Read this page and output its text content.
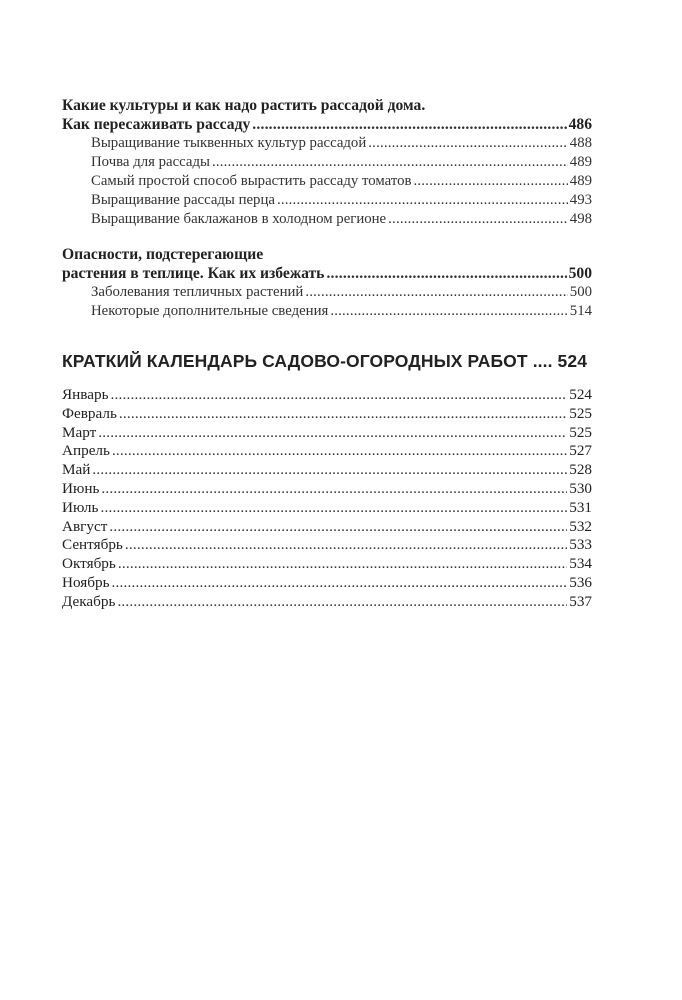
Какие культуры и как надо растить рассадой дома.
Как пересаживать рассаду .....	486
Выращивание тыквенных культур рассадой .....	488
Почва для рассады .....	489
Самый простой способ вырастить рассаду томатов .....	489
Выращивание рассады перца .....	493
Выращивание баклажанов в холодном регионе .....	498
Опасности, подстерегающие
растения в теплице. Как их избежать .....	500
Заболевания тепличных растений .....	500
Некоторые дополнительные сведения .....	514
КРАТКИЙ КАЛЕНДАРЬ САДОВО-ОГОРОДНЫХ РАБОТ .... 524
Январь .....	524
Февраль .....	525
Март .....	525
Апрель .....	527
Май .....	528
Июнь .....	530
Июль .....	531
Август .....	532
Сентябрь .....	533
Октябрь .....	534
Ноябрь .....	536
Декабрь .....	537
